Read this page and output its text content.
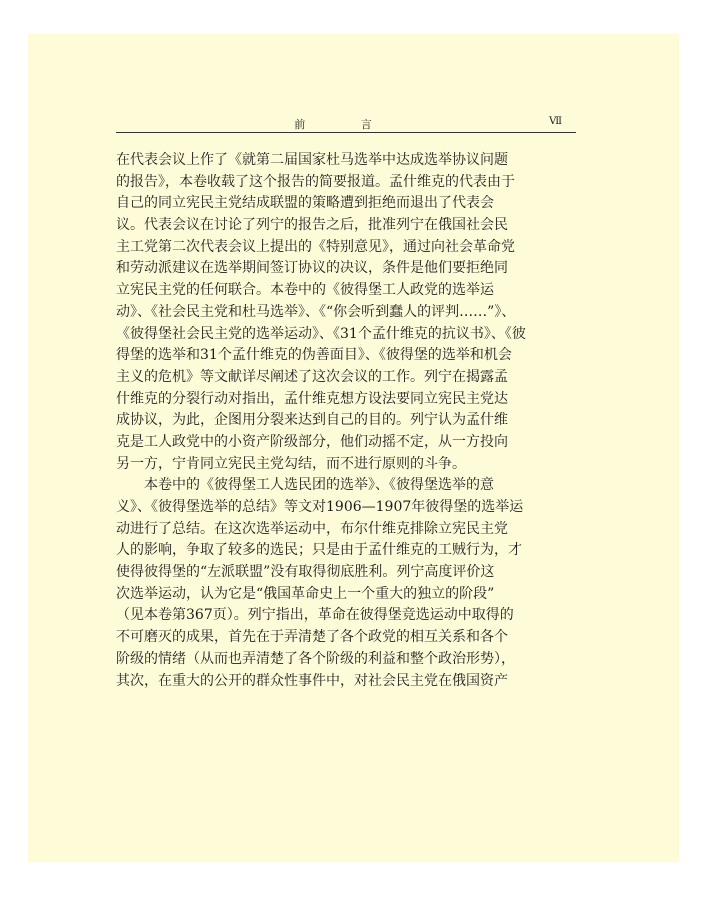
前 言	Ⅶ
在代表会议上作了《就第二届国家杜马选举中达成选举协议问题
的报告》，本卷收载了这个报告的简要报道。孟什维克的代表由于
自己的同立宪民主党结成联盟的策略遭到拒绝而退出了代表会
议。代表会议在讨论了列宁的报告之后，批准列宁在俄国社会民
主工党第二次代表会议上提出的《特别意见》，通过向社会革命党
和劳动派建议在选举期间签订协议的决议，条件是他们要拒绝同
立宪民主党的任何联合。本卷中的《彼得堡工人政党的选举运
动》、《社会民主党和杜马选举》、《“你会听到蠢人的评判……”》、
《彼得堡社会民主党的选举运动》、《31个孟什维克的抗议书》、《彼
得堡的选举和31个孟什维克的伪善面目》、《彼得堡的选举和机会
主义的危机》等文献详尽阐述了这次会议的工作。列宁在揭露孟
什维克的分裂行动对指出，孟什维克想方设法要同立宪民主党达
成协议，为此，企图用分裂来达到自己的目的。列宁认为孟什维
克是工人政党中的小资产阶级部分，他们动摇不定，从一方投向
另一方，宁肯同立宪民主党勾结，而不进行原则的斗争。
本卷中的《彼得堡工人选民团的选举》、《彼得堡选举的意
义》、《彼得堡选举的总结》等文对1906—1907年彼得堡的选举运
动进行了总结。在这次选举运动中，布尔什维克排除立宪民主党
人的影响，争取了较多的选民；只是由于孟什维克的工贼行为，才
使得彼得堡的“左派联盟”没有取得彻底胜利。列宁高度评价这
次选举运动，认为它是“俄国革命史上一个重大的独立的阶段”
（见本卷第367页）。列宁指出，革命在彼得堡竞选运动中取得的
不可磨灭的成果，首先在于弄清楚了各个政党的相互关系和各个
阶级的情绪（从而也弄清楚了各个阶级的利益和整个政治形势），
其次，在重大的公开的群众性事件中，对社会民主党在俄国资产
